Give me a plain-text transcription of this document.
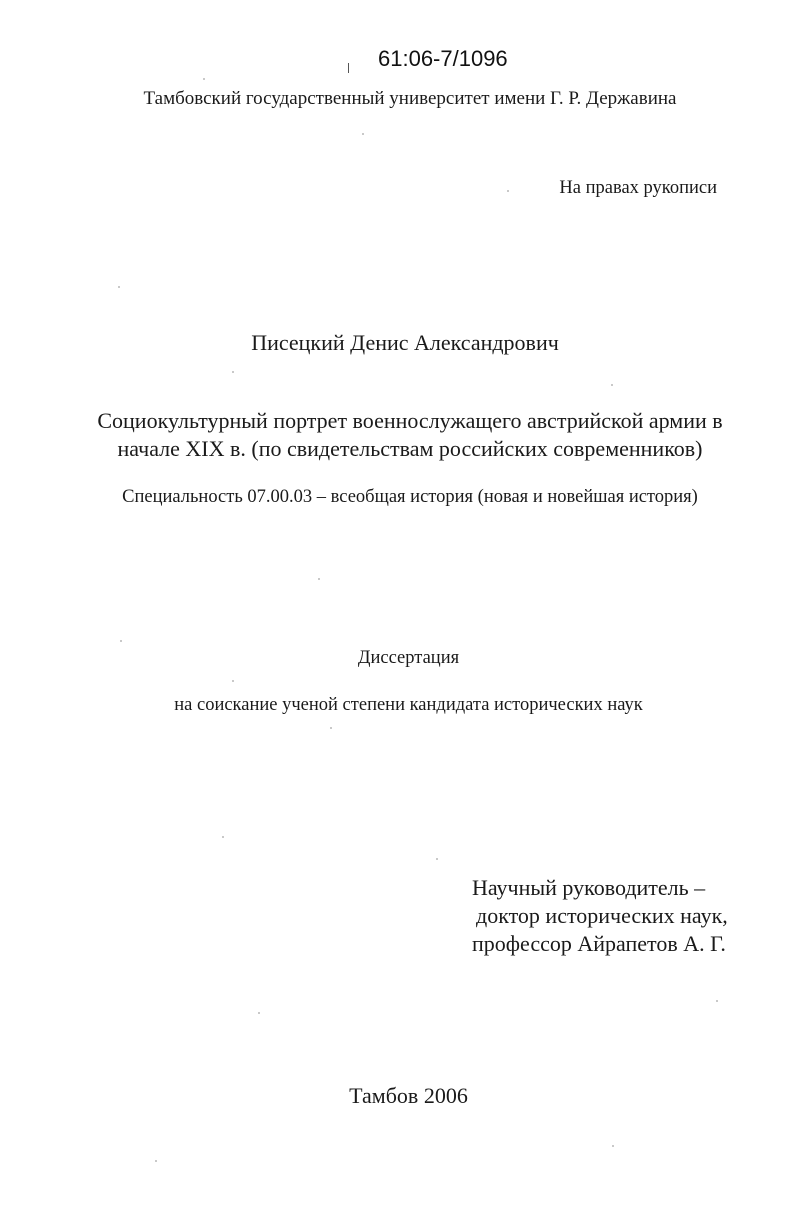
61:06-7/1096
Тамбовский государственный университет имени Г. Р. Державина
На правах рукописи
Писецкий Денис Александрович
Социокультурный портрет военнослужащего австрийской армии в
начале XIX в. (по свидетельствам российских современников)
Специальность 07.00.03 – всеобщая история (новая и новейшая история)
Диссертация
на соискание ученой степени кандидата исторических наук
Научный руководитель –
доктор исторических наук,
профессор Айрапетов А. Г.
Тамбов 2006
